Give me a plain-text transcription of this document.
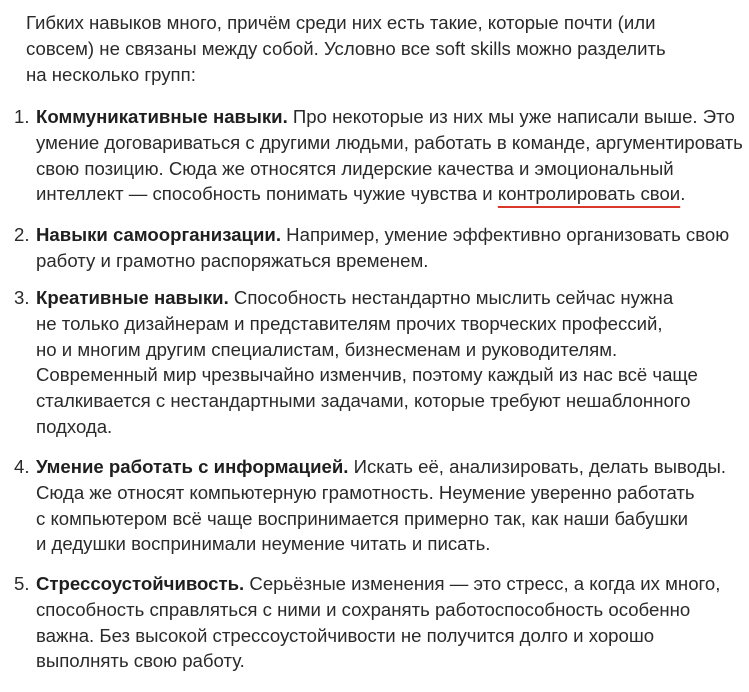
Гибких навыков много, причём среди них есть такие, которые почти (или
совсем) не связаны между собой. Условно все soft skills можно разделить
на несколько групп:

1. Коммуникативные навыки. Про некоторые из них мы уже написали выше. Это
умение договариваться с другими людьми, работать в команде, аргументировать
свою позицию. Сюда же относятся лидерские качества и эмоциональный
интеллект — способность понимать чужие чувства и контролировать свои.
2. Навыки самоорганизации. Например, умение эффективно организовать свою
работу и грамотно распоряжаться временем.
3. Креативные навыки. Способность нестандартно мыслить сейчас нужна
не только дизайнерам и представителям прочих творческих профессий,
но и многим другим специалистам, бизнесменам и руководителям.
Современный мир чрезвычайно изменчив, поэтому каждый из нас всё чаще
сталкивается с нестандартными задачами, которые требуют нешаблонного
подхода.
4. Умение работать с информацией. Искать её, анализировать, делать выводы.
Сюда же относят компьютерную грамотность. Неумение уверенно работать
с компьютером всё чаще воспринимается примерно так, как наши бабушки
и дедушки воспринимали неумение читать и писать.
5. Стрессоустойчивость. Серьёзные изменения — это стресс, а когда их много,
способность справляться с ними и сохранять работоспособность особенно
важна. Без высокой стрессоустойчивости не получится долго и хорошо
выполнять свою работу.
